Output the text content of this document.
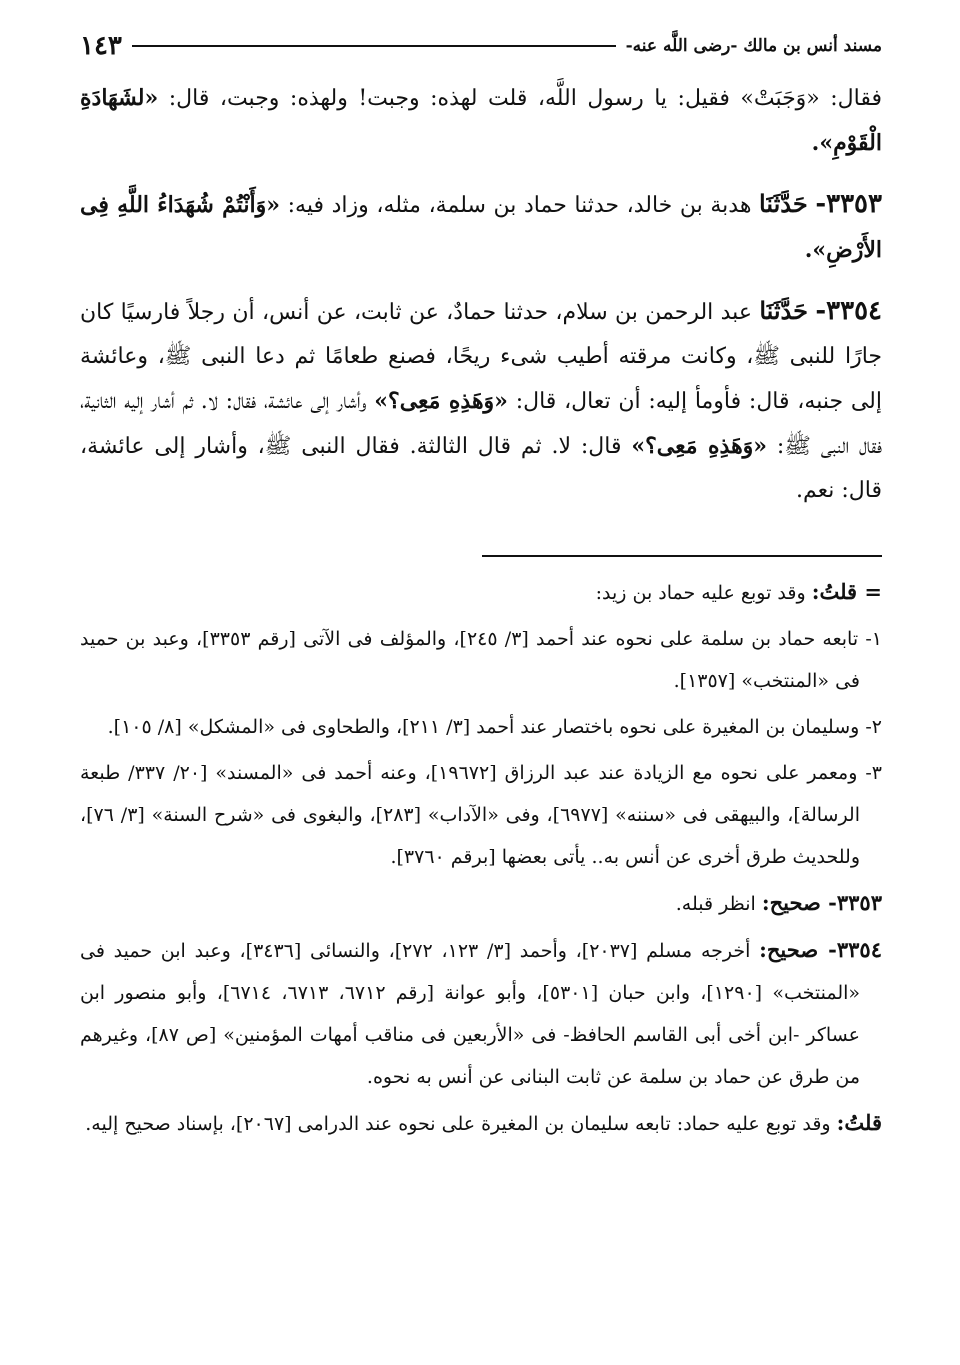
مسند أنس بن مالك -رضى اللَّه عنه-
١٤٣

فقال: «وَجَبَتْ» فقيل: يا رسول اللَّه، قلت لهذه: وجبت! ولهذه: وجبت، قال: «لشَهَادَةِ الْقَوْمِ».

٣٣٥٣- حَدَّثَنَا هدبة بن خالد، حدثنا حماد بن سلمة، مثله، وزاد فيه: «وَأَنْتُمْ شُهَدَاءُ اللَّهِ فِى الأَرْضِ».

٣٣٥٤- حَدَّثَنَا عبد الرحمن بن سلام، حدثنا حمادٌ، عن ثابت، عن أنس، أن رجلاً فارسيًا كان جارًا للنبى ﷺ، وكانت مرقته أطيب شىء ريحًا، فصنع طعامًا ثم دعا النبى ﷺ، وعائشة إلى جنبه، قال: فأومأ إليه: أن تعال، قال: «وَهَذِهِ مَعِى؟» وأشار إلى عائشة، فقال: لا. ثم أشار إليه الثانية، فقال النبى ﷺ: «وَهَذِهِ مَعِى؟» قال: لا. ثم قال الثالثة. فقال النبى ﷺ، وأشار إلى عائشة، قال: نعم.

= قلتُ: وقد توبع عليه حماد بن زيد:

١- تابعه حماد بن سلمة على نحوه عند أحمد [٣/ ٢٤٥]، والمؤلف فى الآتى [رقم ٣٣٥٣]، وعبد بن حميد فى «المنتخب» [١٣٥٧].

٢- وسليمان بن المغيرة على نحوه باختصار عند أحمد [٣/ ٢١١]، والطحاوى فى «المشكل» [٨/ ١٠٥].

٣- ومعمر على نحوه مع الزيادة عند عبد الرزاق [١٩٦٧٢]، وعنه أحمد فى «المسند» [٢٠/ ٣٣٧/ طبعة الرسالة]، والبيهقى فى «سننه» [٦٩٧٧]، وفى «الآداب» [٢٨٣]، والبغوى فى «شرح السنة» [٣/ ٧٦]، وللحديث طرق أخرى عن أنس به.. يأتى بعضها [برقم ٣٧٦٠].

٣٣٥٣- صحيح: انظر قبله.

٣٣٥٤- صحيح: أخرجه مسلم [٢٠٣٧]، وأحمد [٣/ ١٢٣، ٢٧٢]، والنسائى [٣٤٣٦]، وعبد ابن حميد فى «المنتخب» [١٢٩٠]، وابن حبان [٥٣٠١]، وأبو عوانة [رقم ٦٧١٢، ٦٧١٣، ٦٧١٤]، وأبو منصور ابن عساكر -ابن أخى أبى القاسم الحافظ- فى «الأربعين فى مناقب أمهات المؤمنين» [ص ٨٧]، وغيرهم من طرق عن حماد بن سلمة عن ثابت البنانى عن أنس به نحوه.

قلتُ: وقد توبع عليه حماد: تابعه سليمان بن المغيرة على نحوه عند الدرامى [٢٠٦٧]، بإسناد صحيح إليه.
